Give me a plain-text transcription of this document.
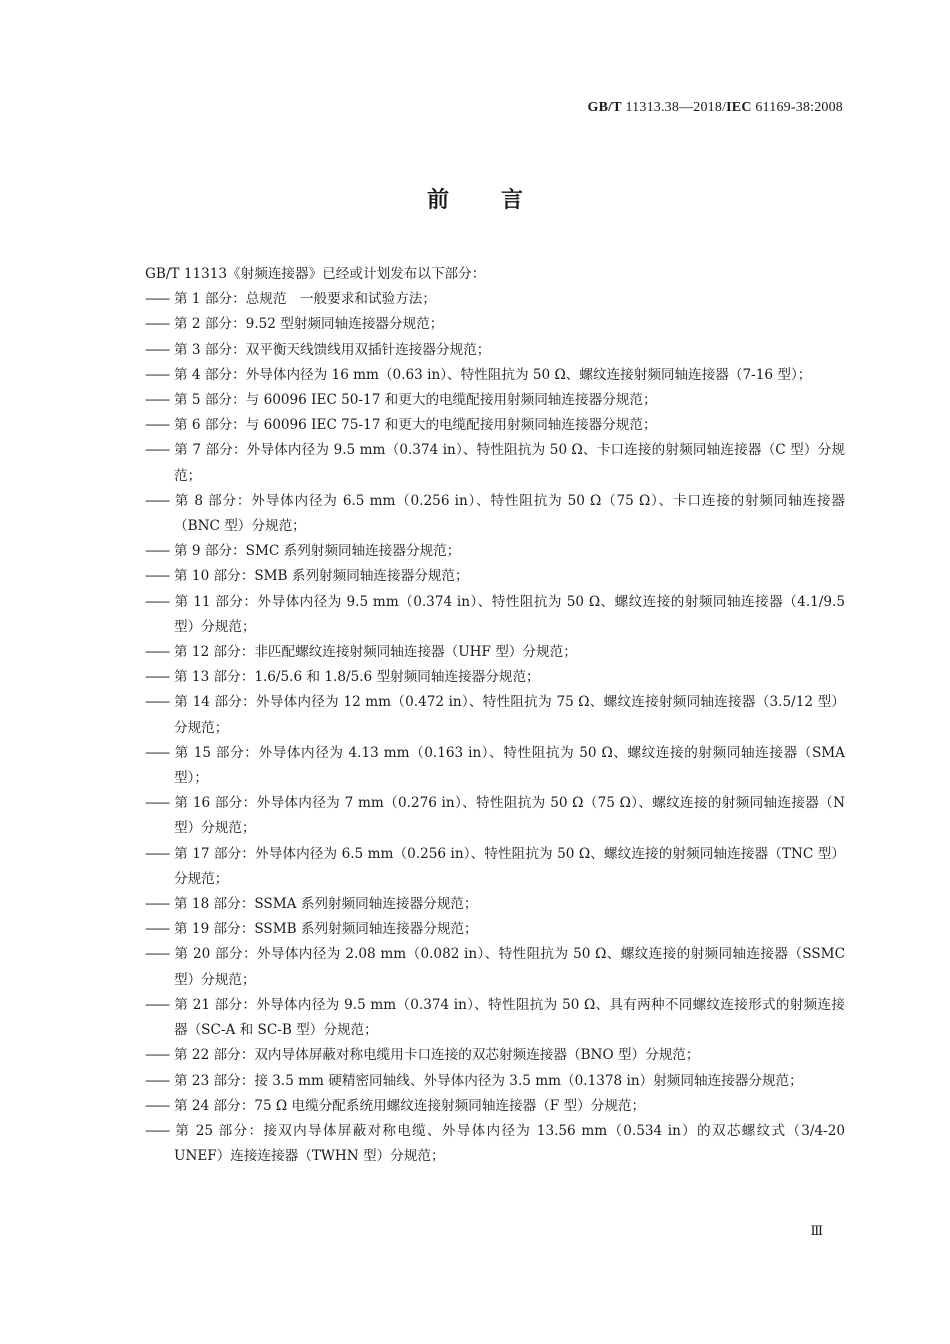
GB/T 11313.38—2018/IEC 61169-38:2008
前言

GB/T 11313《射频连接器》已经或计划发布以下部分：

—— 第 1 部分：总规范　一般要求和试验方法；
—— 第 2 部分：9.52 型射频同轴连接器分规范；
—— 第 3 部分：双平衡天线馈线用双插针连接器分规范；
—— 第 4 部分：外导体内径为 16 mm（0.63 in）、特性阻抗为 50 Ω、螺纹连接射频同轴连接器（7-16 型）；
—— 第 5 部分：与 60096 IEC 50-17 和更大的电缆配接用射频同轴连接器分规范；
—— 第 6 部分：与 60096 IEC 75-17 和更大的电缆配接用射频同轴连接器分规范；
—— 第 7 部分：外导体内径为 9.5 mm（0.374 in）、特性阻抗为 50 Ω、卡口连接的射频同轴连接器（C 型）分规范；
—— 第 8 部分：外导体内径为 6.5 mm（0.256 in）、特性阻抗为 50 Ω（75 Ω）、卡口连接的射频同轴连接器（BNC 型）分规范；
—— 第 9 部分：SMC 系列射频同轴连接器分规范；
—— 第 10 部分：SMB 系列射频同轴连接器分规范；
—— 第 11 部分：外导体内径为 9.5 mm（0.374 in）、特性阻抗为 50 Ω、螺纹连接的射频同轴连接器（4.1/9.5 型）分规范；
—— 第 12 部分：非匹配螺纹连接射频同轴连接器（UHF 型）分规范；
—— 第 13 部分：1.6/5.6 和 1.8/5.6 型射频同轴连接器分规范；
—— 第 14 部分：外导体内径为 12 mm（0.472 in）、特性阻抗为 75 Ω、螺纹连接射频同轴连接器（3.5/12 型）分规范；
—— 第 15 部分：外导体内径为 4.13 mm（0.163 in）、特性阻抗为 50 Ω、螺纹连接的射频同轴连接器（SMA 型）；
—— 第 16 部分：外导体内径为 7 mm（0.276 in）、特性阻抗为 50 Ω（75 Ω）、螺纹连接的射频同轴连接器（N 型）分规范；
—— 第 17 部分：外导体内径为 6.5 mm（0.256 in）、特性阻抗为 50 Ω、螺纹连接的射频同轴连接器（TNC 型）分规范；
—— 第 18 部分：SSMA 系列射频同轴连接器分规范；
—— 第 19 部分：SSMB 系列射频同轴连接器分规范；
—— 第 20 部分：外导体内径为 2.08 mm（0.082 in）、特性阻抗为 50 Ω、螺纹连接的射频同轴连接器（SSMC 型）分规范；
—— 第 21 部分：外导体内径为 9.5 mm（0.374 in）、特性阻抗为 50 Ω、具有两种不同螺纹连接形式的射频连接器（SC-A 和 SC-B 型）分规范；
—— 第 22 部分：双内导体屏蔽对称电缆用卡口连接的双芯射频连接器（BNO 型）分规范；
—— 第 23 部分：接 3.5 mm 硬精密同轴线、外导体内径为 3.5 mm（0.1378 in）射频同轴连接器分规范；
—— 第 24 部分：75 Ω 电缆分配系统用螺纹连接射频同轴连接器（F 型）分规范；
—— 第 25 部分：接双内导体屏蔽对称电缆、外导体内径为 13.56 mm（0.534 in）的双芯螺纹式（3/4-20 UNEF）连接连接器（TWHN 型）分规范；
Ⅲ
